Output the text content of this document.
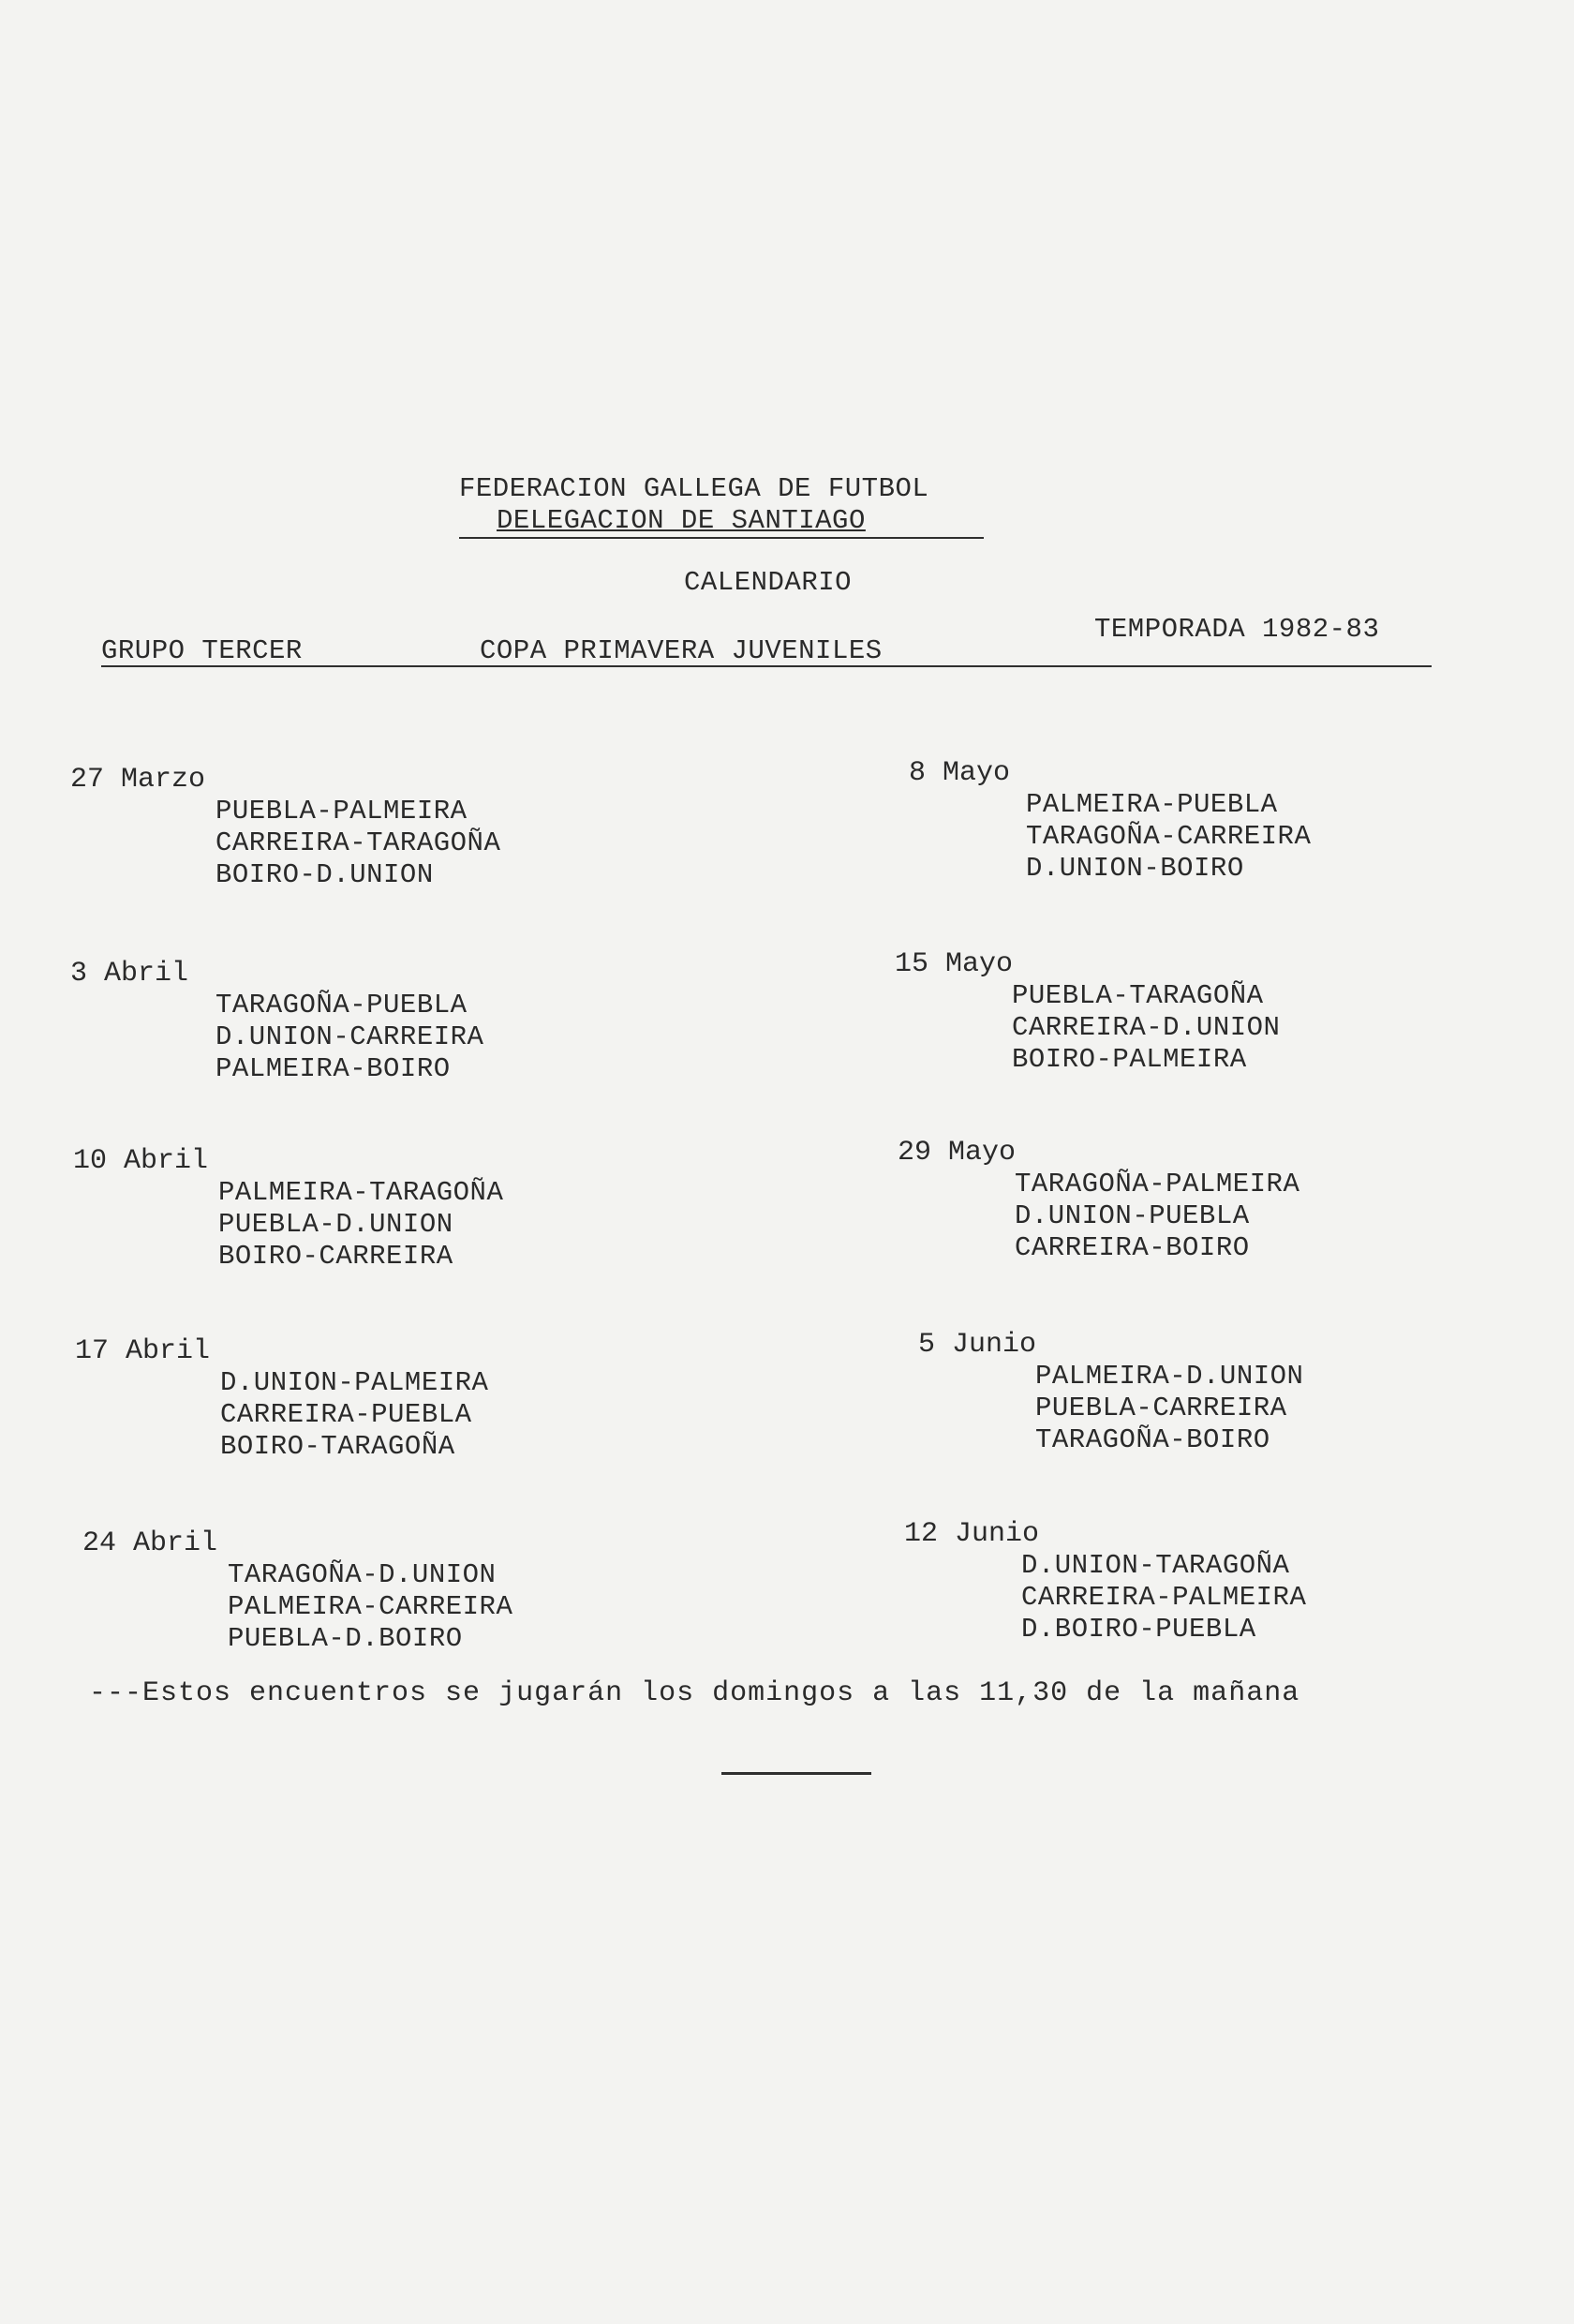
FEDERACION GALLEGA DE FUTBOL
DELEGACION DE SANTIAGO
CALENDARIO
GRUPO TERCER	COPA PRIMAVERA JUVENILES
TEMPORADA 1982-83
27 Marzo
PUEBLA-PALMEIRA
CARREIRA-TARAGOÑA
BOIRO-D.UNION
3 Abril
TARAGOÑA-PUEBLA
D.UNION-CARREIRA
PALMEIRA-BOIRO
10 Abril
PALMEIRA-TARAGOÑA
PUEBLA-D.UNION
BOIRO-CARREIRA
17 Abril
D.UNION-PALMEIRA
CARREIRA-PUEBLA
BOIRO-TARAGOÑA
24 Abril
TARAGOÑA-D.UNION
PALMEIRA-CARREIRA
PUEBLA-D.BOIRO
8 Mayo
PALMEIRA-PUEBLA
TARAGOÑA-CARREIRA
D.UNION-BOIRO
15 Mayo
PUEBLA-TARAGOÑA
CARREIRA-D.UNION
BOIRO-PALMEIRA
29 Mayo
TARAGOÑA-PALMEIRA
D.UNION-PUEBLA
CARREIRA-BOIRO
5 Junio
PALMEIRA-D.UNION
PUEBLA-CARREIRA
TARAGOÑA-BOIRO
12 Junio
D.UNION-TARAGOÑA
CARREIRA-PALMEIRA
D.BOIRO-PUEBLA
---Estos encuentros se jugarán los domingos a las 11,30 de la mañana
